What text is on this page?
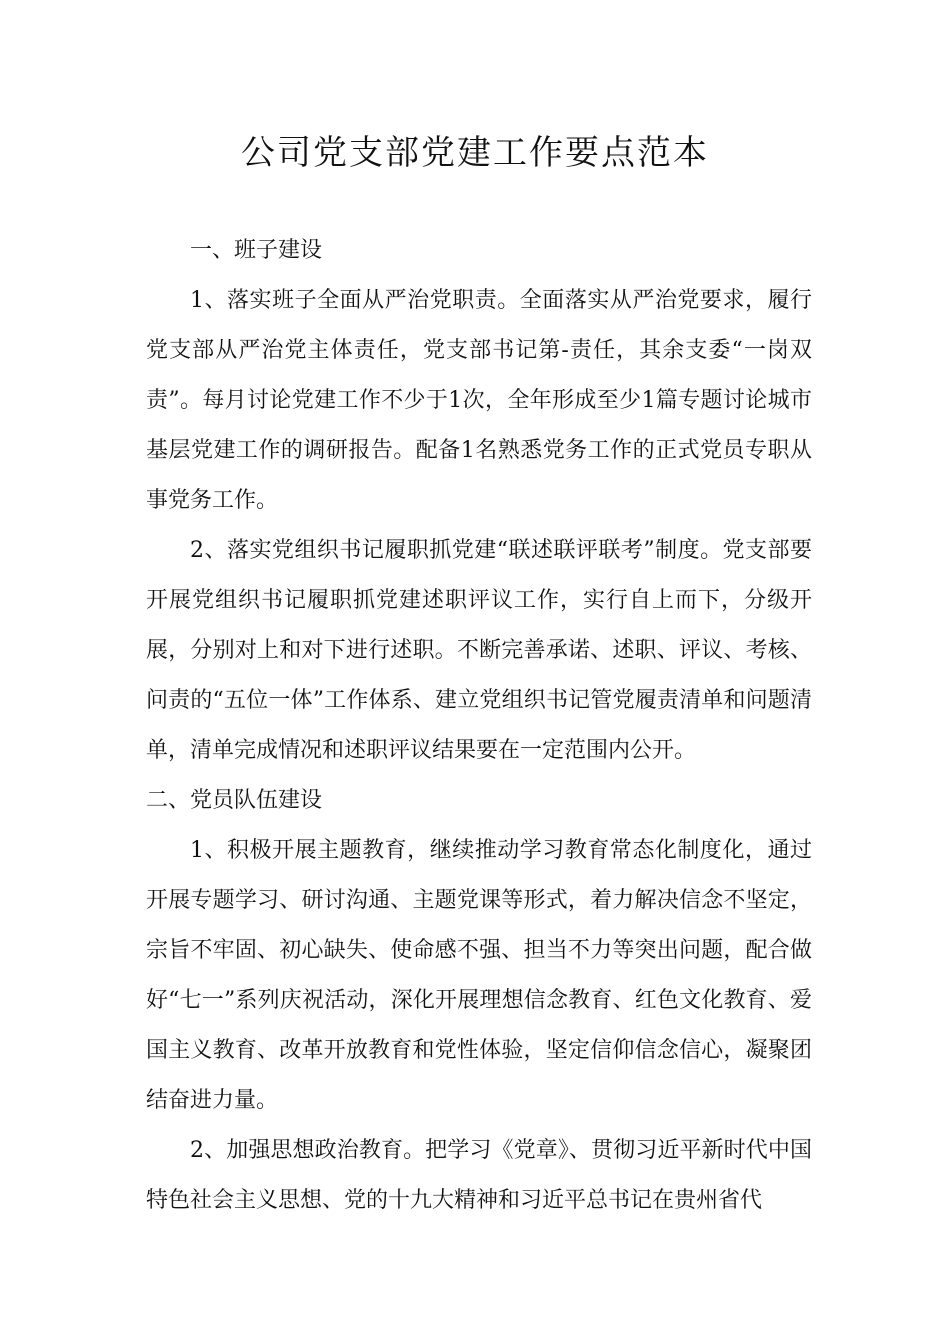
公司党支部党建工作要点范本

一、班子建设

1、落实班子全面从严治党职责。全面落实从严治党要求，履行党支部从严治党主体责任，党支部书记第-责任，其余支委“一岗双责”。每月讨论党建工作不少于1次，全年形成至少1篇专题讨论城市基层党建工作的调研报告。配备1名熟悉党务工作的正式党员专职从事党务工作。

2、落实党组织书记履职抓党建“联述联评联考”制度。党支部要开展党组织书记履职抓党建述职评议工作，实行自上而下，分级开展，分别对上和对下进行述职。不断完善承诺、述职、评议、考核、问责的“五位一体”工作体系、建立党组织书记管党履责清单和问题清单，清单完成情况和述职评议结果要在一定范围内公开。

二、党员队伍建设

1、积极开展主题教育，继续推动学习教育常态化制度化，通过开展专题学习、研讨沟通、主题党课等形式，着力解决信念不坚定，宗旨不牢固、初心缺失、使命感不强、担当不力等突出问题，配合做好“七一”系列庆祝活动，深化开展理想信念教育、红色文化教育、爱国主义教育、改革开放教育和党性体验，坚定信仰信念信心，凝聚团结奋进力量。

2、加强思想政治教育。把学习《党章》、贯彻习近平新时代中国特色社会主义思想、党的十九大精神和习近平总书记在贵州省代
